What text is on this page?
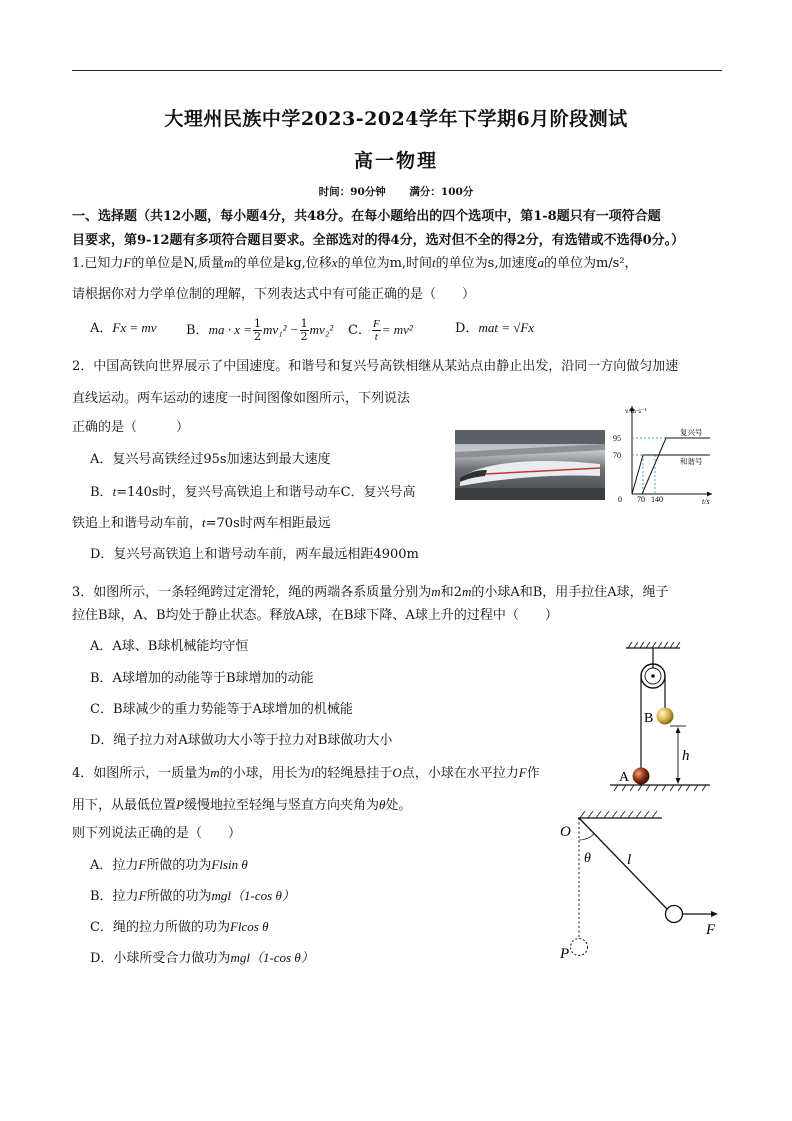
大理州民族中学2023-2024学年下学期6月阶段测试
高一物理
时间：90分钟 满分：100分
一、选择题（共12小题，每小题4分，共48分。在每小题给出的四个选项中，第1-8题只有一项符合题
目要求，第9-12题有多项符合题目要求。全部选对的得4分，选对但不全的得2分，有选错或不选得0分。）
1.已知力F的单位是N,质量m的单位是kg,位移x的单位为m,时间t的单位为s,加速度a的单位为m/s²，
请根据你对力学单位制的理解，下列表达式中有可能正确的是（　　）
A．Fx = mv B．ma · $x = \frac{1}{2} mv_1^2 - \frac{1}{2} mv_2^2$ C． $\frac{F}{t} = mv^2$	D．mat = √Fx
2．中国高铁向世界展示了中国速度。和谐号和复兴号高铁相继从某站点由静止出发，沿同一方向做匀加速
直线运动。两车运动的速度一时间图像如图所示，下列说法
正确的是（　　　）
A．复兴号高铁经过95s加速达到最大速度
B．t=140s时，复兴号高铁追上和谐号动车C．复兴号高
铁追上和谐号动车前，t=70s时两车相距最远
D．复兴号高铁追上和谐号动车前，两车最远相距4900m
v/m·s⁻¹
t/s
95
70
0 70 140
复兴号
和谐号
3．如图所示，一条轻绳跨过定滑轮，绳的两端各系质量分别为m和2m的小球A和B，用手拉住A球，绳子
拉住B球，A、B均处于静止状态。释放A球，在B球下降、A球上升的过程中（　　）
A．A球、B球机械能均守恒
B．A球增加的动能等于B球增加的动能
C．B球减少的重力势能等于A球增加的机械能
D．绳子拉力对A球做功大小等于拉力对B球做功大小
B
A
h
4．如图所示，一质量为m的小球，用长为l的轻绳悬挂于O点，小球在水平拉力F作
用下，从最低位置P缓慢地拉至轻绳与竖直方向夹角为θ处。
则下列说法正确的是（　　）
A．拉力F所做的功为Flsin θ
B．拉力F所做的功为mgl（1-cos θ）
C．绳的拉力所做的功为Flcos θ
D．小球所受合力做功为mgl（1-cos θ）
O
θ l
F
P
